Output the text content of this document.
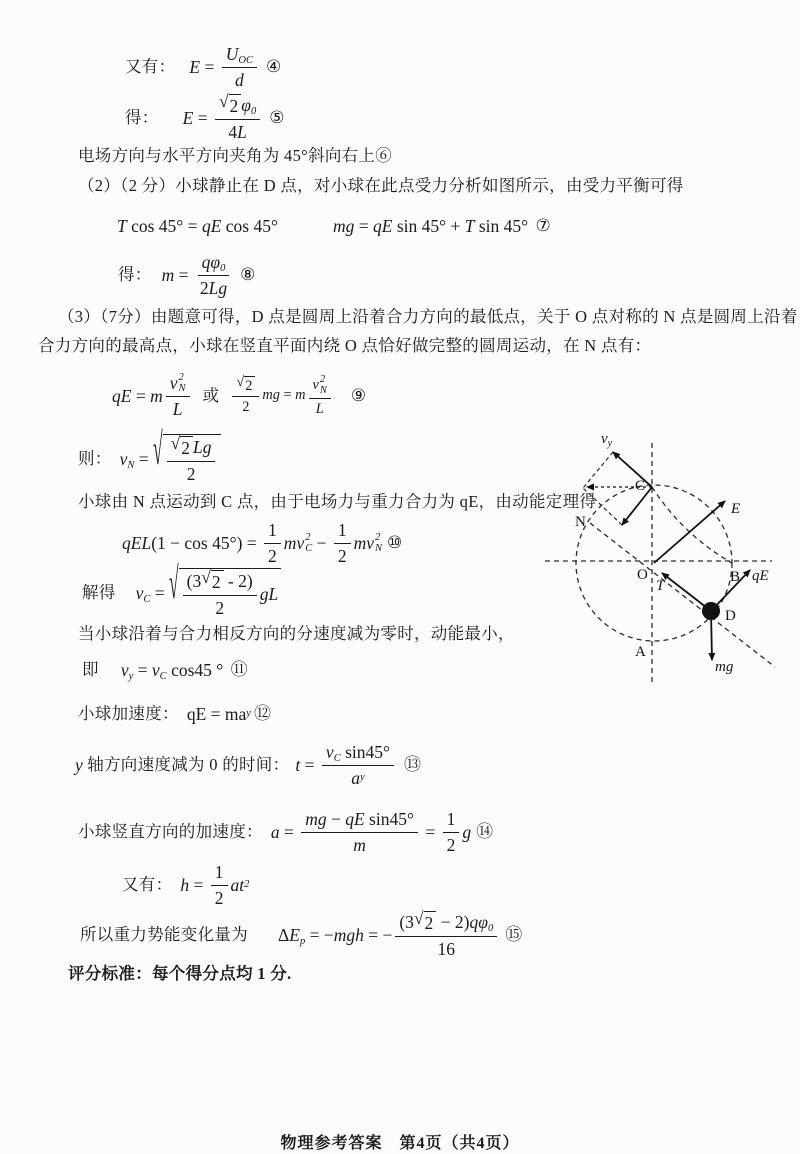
又有： E =
$U_{OC}$
d
④
得： $E = \frac{√ 2 \varphi_0}{4 L}$ ⑤
电场方向与水平方向夹角为 45°斜向右上⑥
（2）（2 分）小球静止在 D 点，对小球在此点受力分析如图所示，由受力平衡可得
T cos 45° = qE cos 45°	mg = qE sin 45° + T sin 45° ⑦
得： $m = \frac{q \varphi_0}{2 Lg}$ ⑧
（3）（7分）由题意可得，D 点是圆周上沿着合力方向的最低点，关于 O 点对称的 N 点是圆周上沿着
合力方向的最高点，小球在竖直平面内绕 O 点恰好做完整的圆周运动，在 N 点有：
qE = m
v 2
N
L
或
√ 2
2
mg = m
v 2
N
L
⑨
则： $v_N$ = √ √ 2 Lg
2
小球由 N 点运动到 C 点，由于电场力与重力合力为 qE，由动能定理得
qEL $(1 - \cos 45^\circ) = \frac{1}{2}$ m v 2
$C - \frac{1}{2}$ m v 2
N ⑩
解得 $v_C$ = √ (3 √ 2 - 2)
2
gL
当小球沿着与合力相反方向的分速度减为零时，动能最小，
即 $v_y = v_C$ cos45 ° ⑪
小球加速度： qE = ma y ⑫
y 轴方向速度减为 0 的时间： $t = \frac{v_C \sin 45^\circ}{\text{a y}}$ ⑬
小球竖直方向的加速度： $a = \frac{\text{mg − qE sin45°}}{m} = \frac{1}{2}$ g ⑭
又有： $h = \frac{1}{2}$ at 2
所以重力势能变化量为 Δ $E_p$ = − mgh = − $\frac{(3 √ 2 - 2) q \varphi_0}{16}$ ⑮
评分标准：每个得分点均 1 分.
物理参考答案　第4页（共4页）
C
N
O	B
A
D
E
qE
T
mg
$v_y$
